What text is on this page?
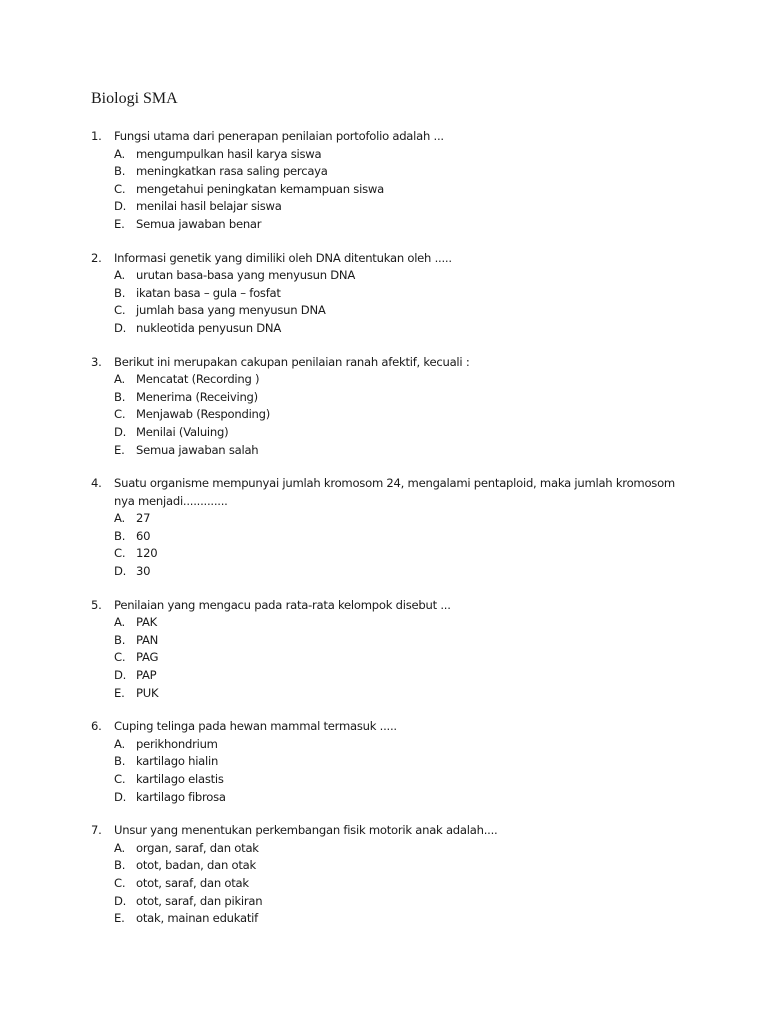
Biologi SMA
1.	Fungsi utama dari penerapan penilaian portofolio adalah ...
A. mengumpulkan hasil karya siswa
B. meningkatkan rasa saling percaya
C. mengetahui peningkatan kemampuan siswa
D. menilai hasil belajar siswa
E. Semua jawaban benar
2.	Informasi genetik yang dimiliki oleh DNA ditentukan oleh .....
A. urutan basa-basa yang menyusun DNA
B. ikatan basa – gula – fosfat
C. jumlah basa yang menyusun DNA
D. nukleotida penyusun DNA
3.	Berikut ini merupakan cakupan penilaian ranah afektif, kecuali :
A. Mencatat (Recording )
B. Menerima (Receiving)
C. Menjawab (Responding)
D. Menilai (Valuing)
E. Semua jawaban salah
4.	Suatu organisme mempunyai jumlah kromosom 24, mengalami pentaploid, maka jumlah kromosom nya menjadi.............
A. 27
B. 60
C. 120
D. 30
5.	Penilaian yang mengacu pada rata-rata kelompok disebut ...
A. PAK
B. PAN
C. PAG
D. PAP
E. PUK
6.	Cuping telinga pada hewan mammal termasuk .....
A. perikhondrium
B. kartilago hialin
C. kartilago elastis
D. kartilago fibrosa
7.	Unsur yang menentukan perkembangan fisik motorik anak adalah....
A. organ, saraf, dan otak
B. otot, badan, dan otak
C. otot, saraf, dan otak
D. otot, saraf, dan pikiran
E. otak, mainan edukatif
